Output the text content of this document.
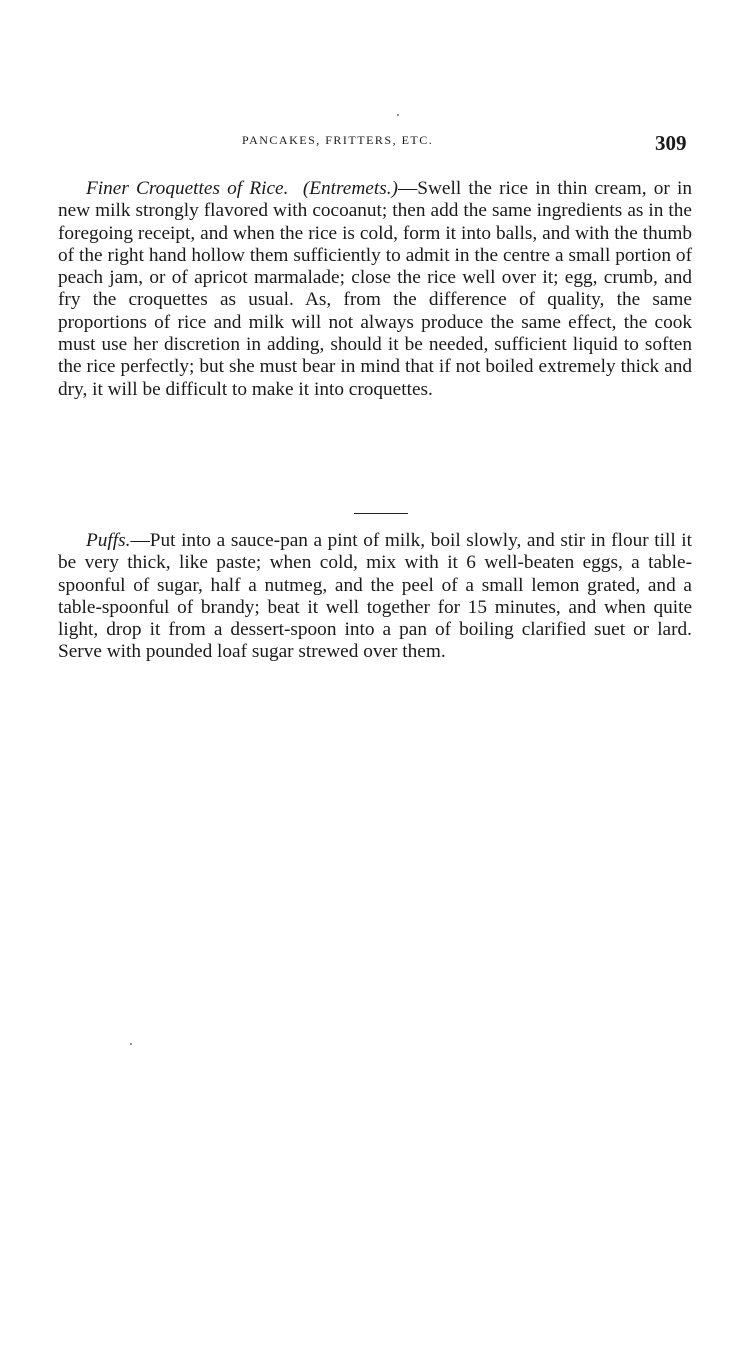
PANCAKES, FRITTERS, ETC.	309

Finer Croquettes of Rice. (Entremets.)—Swell the rice in thin cream, or in new milk strongly flavored with cocoanut; then add the same ingredients as in the foregoing receipt, and when the rice is cold, form it into balls, and with the thumb of the right hand hollow them sufficiently to admit in the centre a small portion of peach jam, or of apricot marmalade; close the rice well over it; egg, crumb, and fry the croquettes as usual. As, from the difference of quality, the same proportions of rice and milk will not always produce the same effect, the cook must use her discretion in adding, should it be needed, sufficient liquid to soften the rice perfectly; but she must bear in mind that if not boiled extremely thick and dry, it will be difficult to make it into croquettes.

Puffs.—Put into a sauce-pan a pint of milk, boil slowly, and stir in flour till it be very thick, like paste; when cold, mix with it 6 well-beaten eggs, a table-spoonful of sugar, half a nutmeg, and the peel of a small lemon grated, and a table-spoonful of brandy; beat it well together for 15 minutes, and when quite light, drop it from a dessert-spoon into a pan of boiling clarified suet or lard. Serve with pounded loaf sugar strewed over them.
